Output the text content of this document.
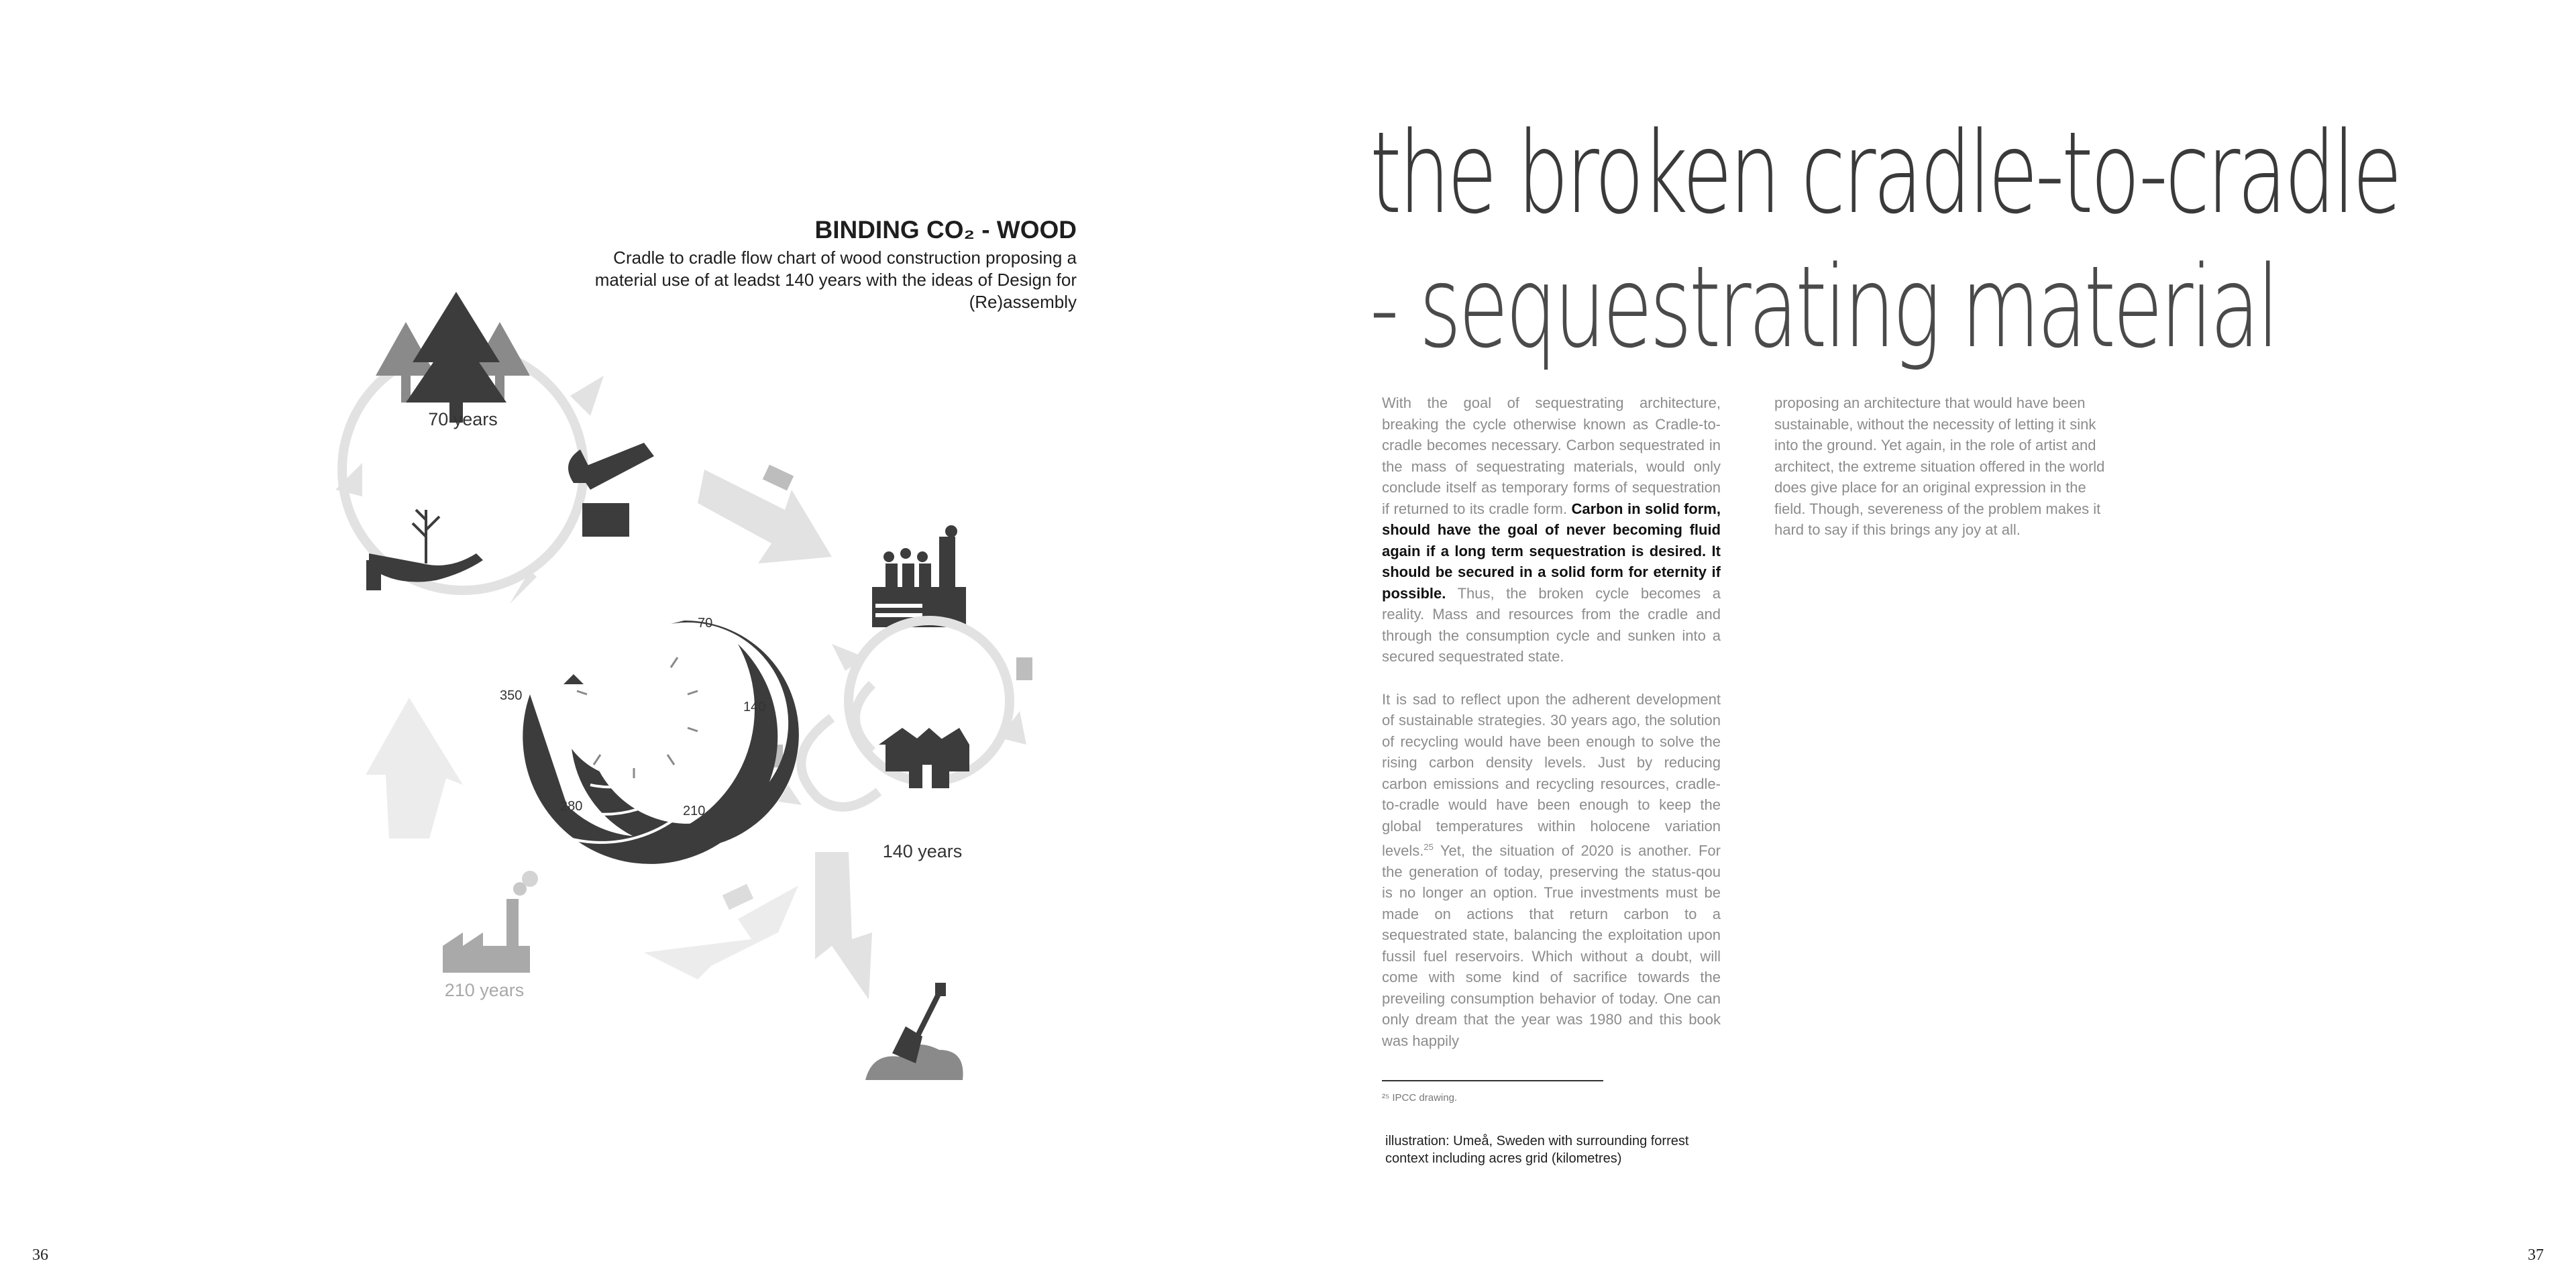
BINDING CO₂ - WOOD
Cradle to cradle flow chart of wood construction proposing a material use of at leadst 140 years with the ideas of Design for (Re)assembly
70 years
140 years
210 years
70
140
210
280
350
36
the broken cradle-to-cradle
- sequestrating material

With the goal of sequestrating architecture, breaking the cycle otherwise known as Cradle-to-cradle becomes necessary. Carbon sequestrated in the mass of sequestrating materials, would only conclude itself as temporary forms of sequestration if returned to its cradle form. Carbon in solid form, should have the goal of never becoming fluid again if a long term sequestration is desired. It should be secured in a solid form for eternity if possible. Thus, the broken cycle becomes a reality. Mass and resources from the cradle and through the consumption cycle and sunken into a secured sequestrated state.

It is sad to reflect upon the adherent development of sustainable strategies. 30 years ago, the solution of recycling would have been enough to solve the rising carbon density levels. Just by reducing carbon emissions and recycling resources, cradle-to-cradle would have been enough to keep the global temperatures within holocene variation levels.$^{25}$ Yet, the situation of 2020 is another. For the generation of today, preserving the status-qou is no longer an option. True investments must be made on actions that return carbon to a sequestrated state, balancing the exploitation upon fussil fuel reservoirs. Which without a doubt, will come with some kind of sacrifice towards the preveiling consumption behavior of today. One can only dream that the year was 1980 and this book was happily

proposing an architecture that would have been sustainable, without the necessity of letting it sink into the ground. Yet again, in the role of artist and architect, the extreme situation offered in the world does give place for an original expression in the field. Though, severeness of the problem makes it hard to say if this brings any joy at all.

²⁵ IPCC drawing.
illustration: Umeå, Sweden with surrounding forrest context including acres grid (kilometres)
37
